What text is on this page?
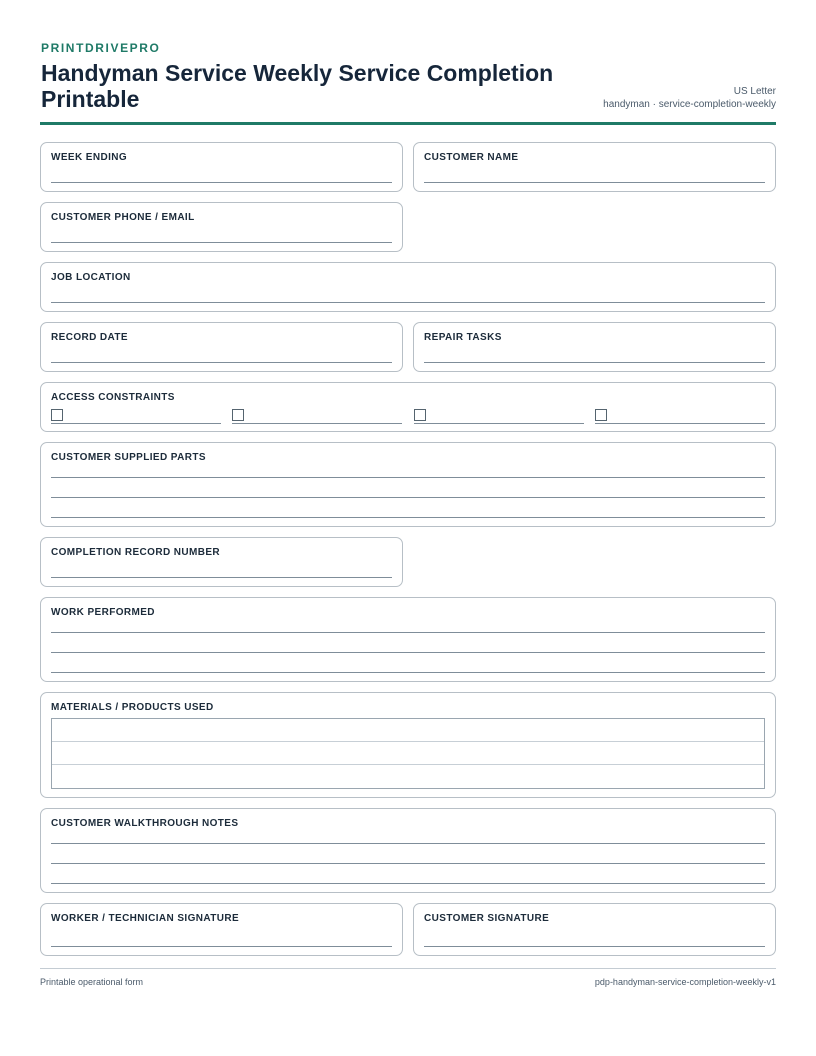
PRINTDRIVEPRO
Handyman Service Weekly Service Completion Printable	US Letter
handyman · service-completion-weekly
WEEK ENDING	CUSTOMER NAME
CUSTOMER PHONE / EMAIL
JOB LOCATION
RECORD DATE	REPAIR TASKS
ACCESS CONSTRAINTS
CUSTOMER SUPPLIED PARTS
COMPLETION RECORD NUMBER
WORK PERFORMED
MATERIALS / PRODUCTS USED
CUSTOMER WALKTHROUGH NOTES
WORKER / TECHNICIAN SIGNATURE	CUSTOMER SIGNATURE
Printable operational form	pdp-handyman-service-completion-weekly-v1
